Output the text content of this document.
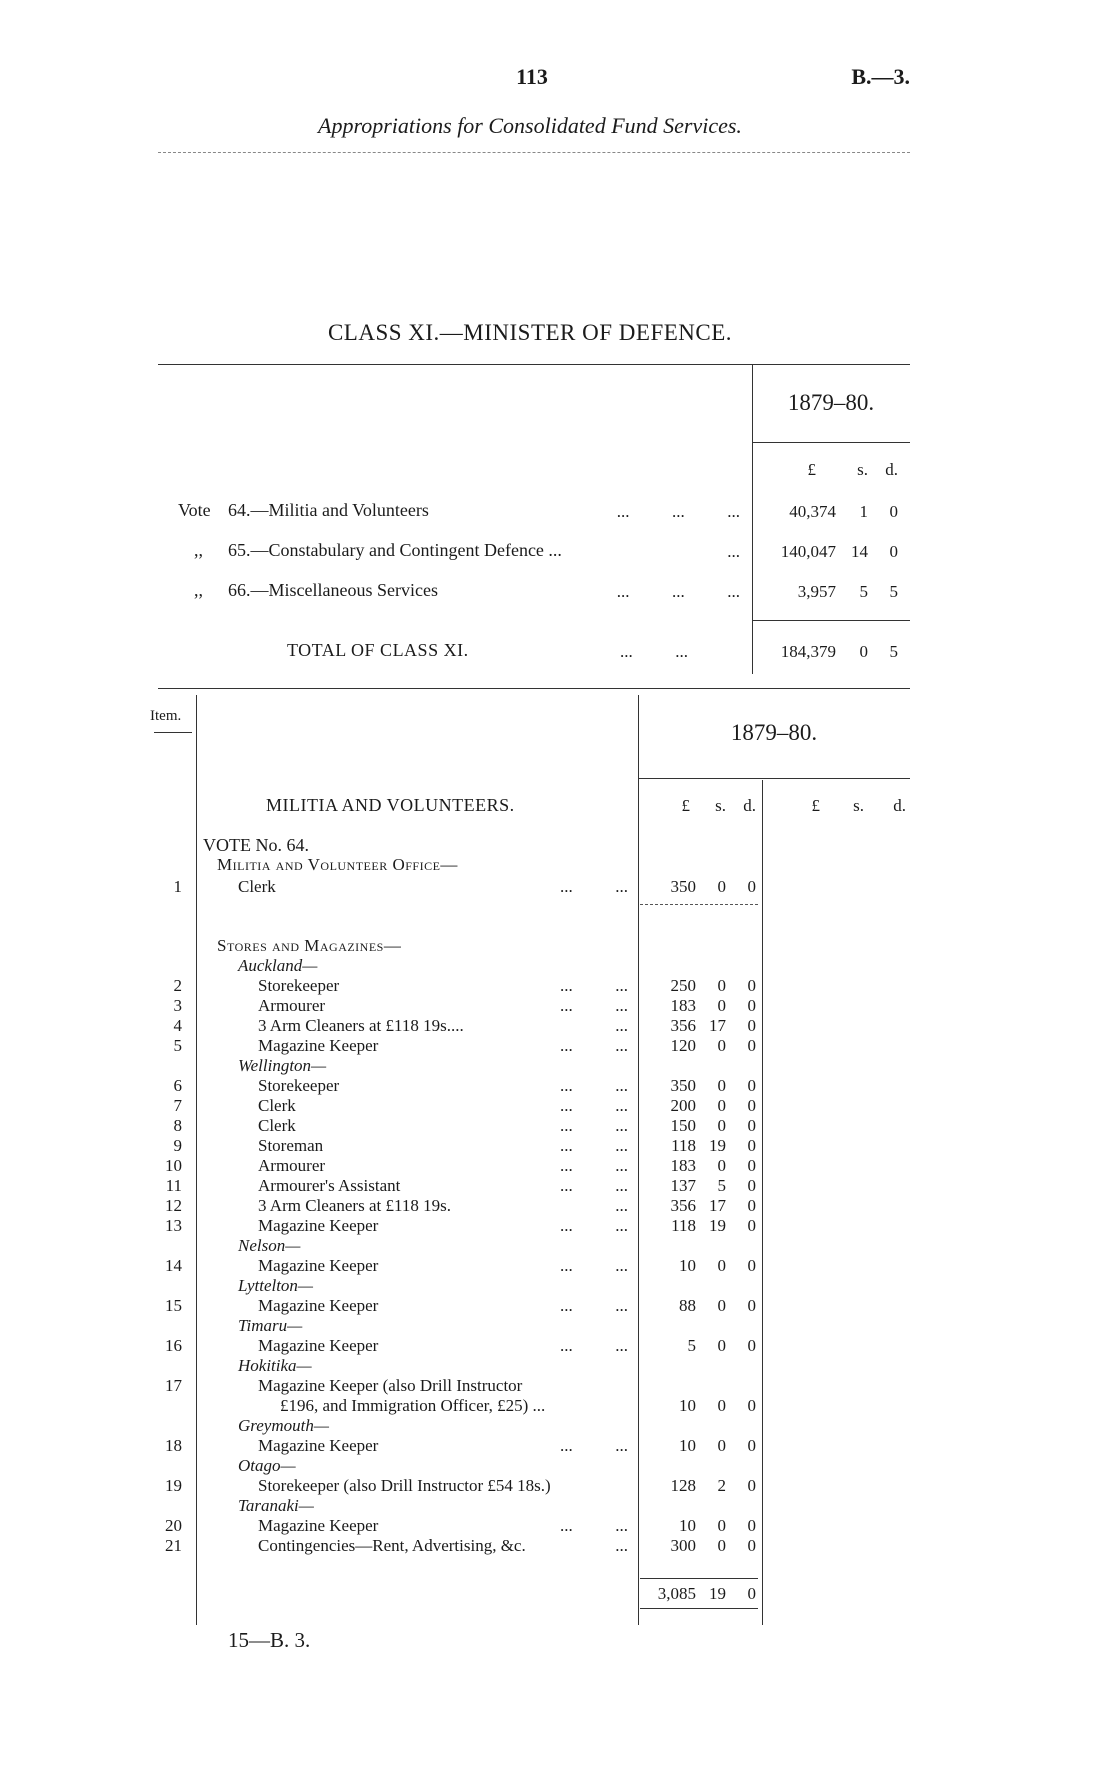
113	B.—3.
Appropriations for Consolidated Fund Services.
CLASS XI.—MINISTER OF DEFENCE.
1879–80.
£	s.	d.
Vote 64.—Militia and Volunteers	...          ...          ...	40,374	1	0
,, 65.—Constabulary and Contingent Defence ...	...	140,047 14	0
,, 66.—Miscellaneous Services	...          ...          ...	3,957	5	5
TOTAL OF CLASS XI.	...          ...	184,379	0	5
Item.
1879–80.
MILITIA AND VOLUNTEERS.	£	s.	d.	£	s.	d.
VOTE No. 64.
Militia and Volunteer Office—
Stores and Magazines—
1	Clerk	...          ...	350	0	0
Auckland—
2	Storekeeper	...          ...	250	0	0
3	Armourer	...          ...	183	0	0
4	3 Arm Cleaners at £118 19s....	...	356 17	0
5	Magazine Keeper	...          ...	120	0	0
Wellington—
6	Storekeeper	...          ...	350	0	0
7	Clerk	...          ...	200	0	0
8	Clerk	...          ...	150	0	0
9	Storeman	...          ...	118 19	0
10	Armourer	...          ...	183	0	0
11	Armourer's Assistant	...          ...	137	5	0
12	3 Arm Cleaners at £118 19s.	...	356 17	0
13	Magazine Keeper	...          ...	118 19	0
Nelson—
14	Magazine Keeper	...          ...	10	0	0
Lyttelton—
15	Magazine Keeper	...          ...	88	0	0
Timaru—
16	Magazine Keeper	...          ...	5	0	0
Hokitika—
17	Magazine Keeper (also Drill Instructor
£196, and Immigration Officer, £25) ...	10	0	0
Greymouth—
18	Magazine Keeper	...          ...	10	0	0
Otago—
19	Storekeeper (also Drill Instructor £54 18s.)	128	2	0
Taranaki—
20	Magazine Keeper	...          ...	10	0	0
21	Contingencies—Rent, Advertising, &c.	...	300	0	0
3,085 19	0
15—B. 3.
